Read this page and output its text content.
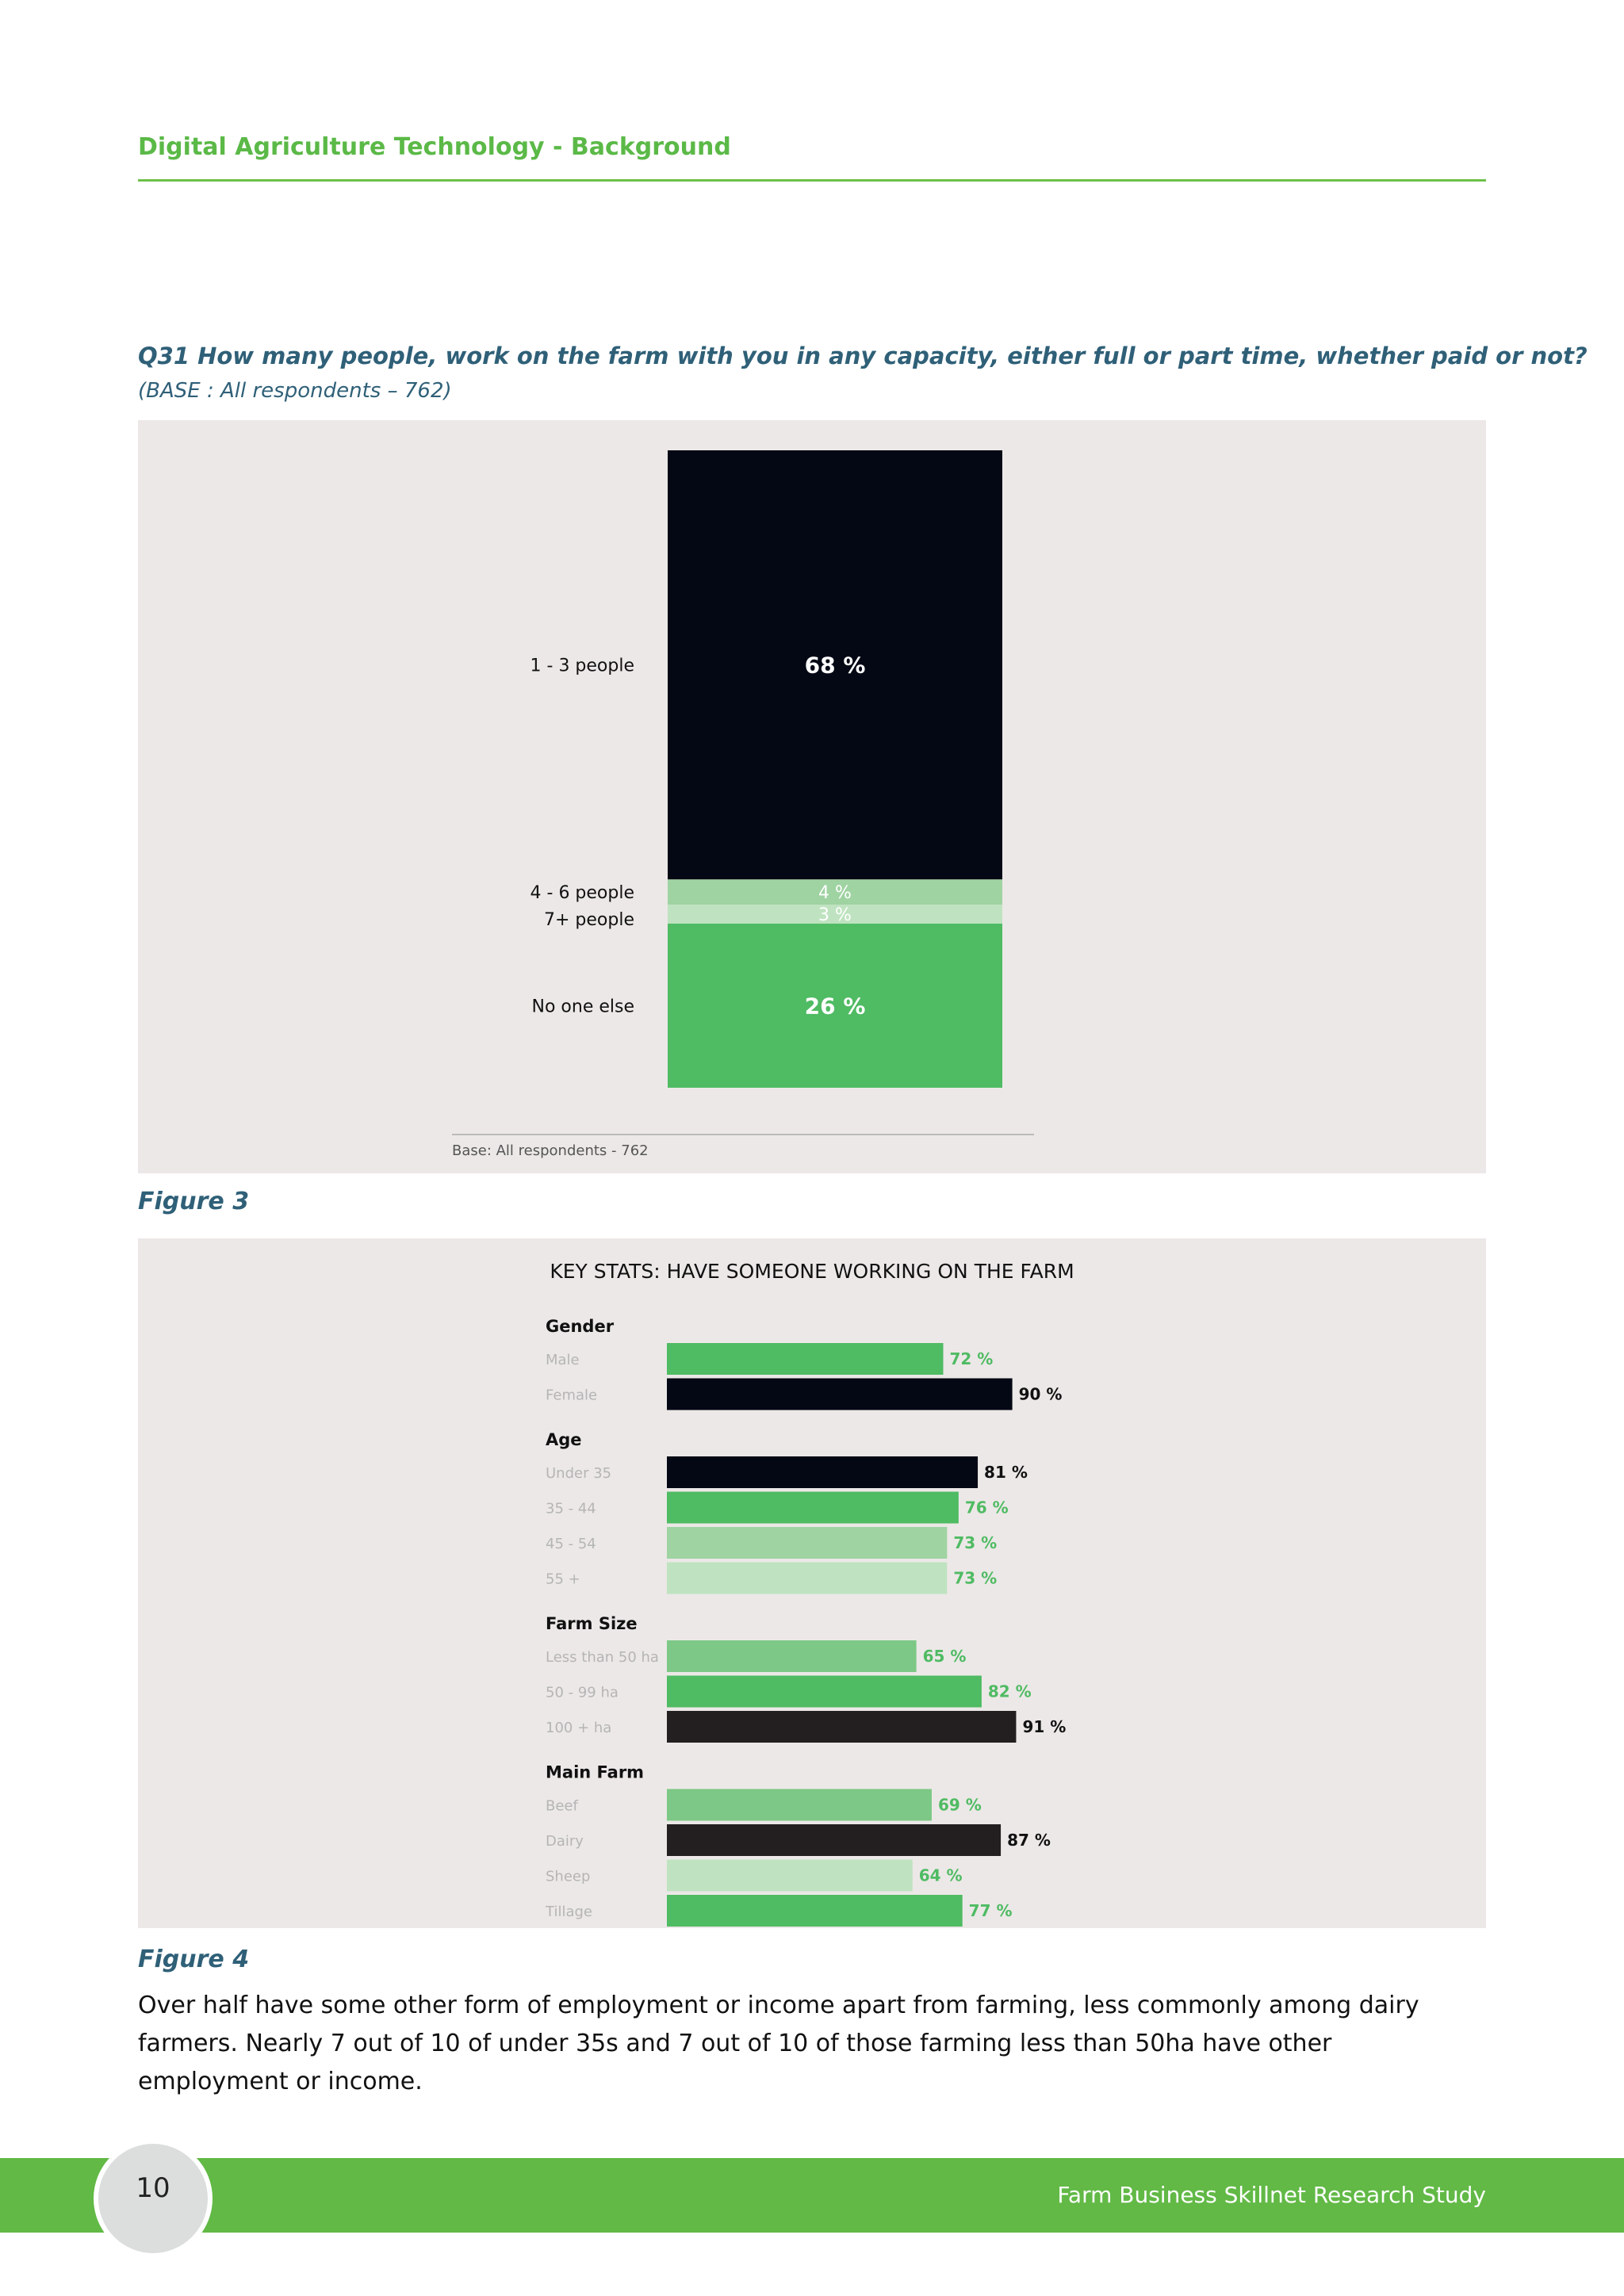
Digital Agriculture Technology - Background
Q31 How many people, work on the farm with you in any capacity, either full or part time, whether paid or not?
(BASE : All respondents – 762)
68 %
1 - 3 people
4 %
4 - 6 people
3 %
7+ people
26 %
No one else
Base: All respondents - 762
Figure 3
KEY STATS: HAVE SOMEONE WORKING ON THE FARM
Gender
Male	72 %
Female	90 %
Age
Under 35	81 %
35 - 44	76 %
45 - 54	73 %
55 +	73 %
Farm Size
Less than 50 ha	65 %
50 - 99 ha	82 %
100 + ha	91 %
Main Farm
Beef	69 %
Dairy	87 %
Sheep	64 %
Tillage	77 %
Figure 4
Over half have some other form of employment or income apart from farming, less commonly among dairy farmers. Nearly 7 out of 10 of under 35s and 7 out of 10 of those farming less than 50ha have other employment or income.
Farm Business Skillnet Research Study
10
